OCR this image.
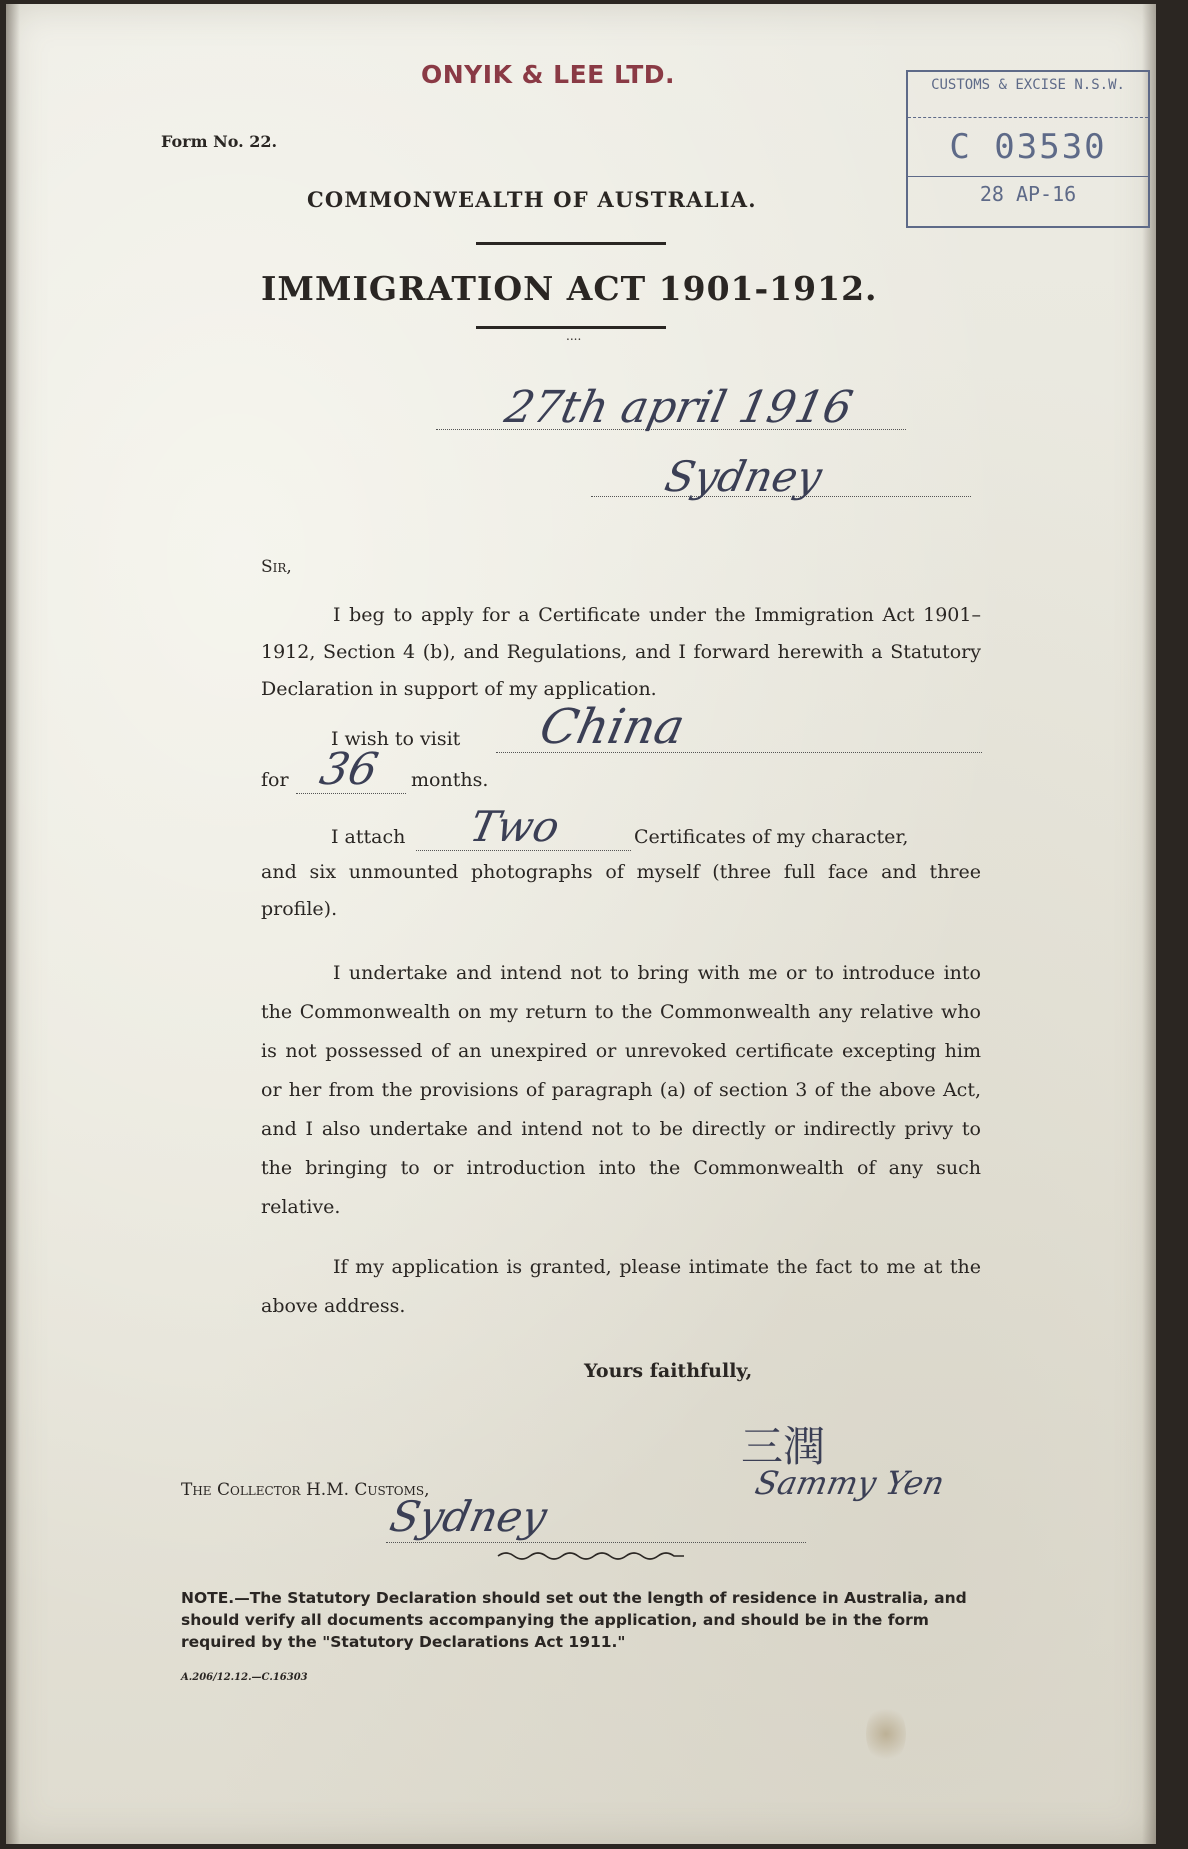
ONYIK & LEE LTD.
Form No. 22.
COMMONWEALTH OF AUSTRALIA.
IMMIGRATION ACT 1901-1912.
....
CUSTOMS & EXCISE N.S.W.
C 03530
28 AP-16
27th april 1916
Sydney
Sir,
I beg to apply for a Certificate under the Immigration Act 1901–1912, Section 4 (b), and Regulations, and I forward herewith a Statutory Declaration in support of my application.
I wish to visit China
for 36 months.
I attach Two	Certificates of my character,
and six unmounted photographs of myself (three full face and three profile).
I undertake and intend not to bring with me or to introduce into the Commonwealth on my return to the Commonwealth any relative who is not possessed of an unexpired or unrevoked certificate excepting him or her from the provisions of paragraph (a) of section 3 of the above Act, and I also undertake and intend not to be directly or indirectly privy to the bringing to or introduction into the Commonwealth of any such relative.
If my application is granted, please intimate the fact to me at the above address.
Yours faithfully,
三潤
Sammy Yen
The Collector H.M. Customs,
Sydney
NOTE.—The Statutory Declaration should set out the length of residence in Australia, and should verify all documents accompanying the application, and should be in the form required by the "Statutory Declarations Act 1911."
A.206/12.12.—C.16303
